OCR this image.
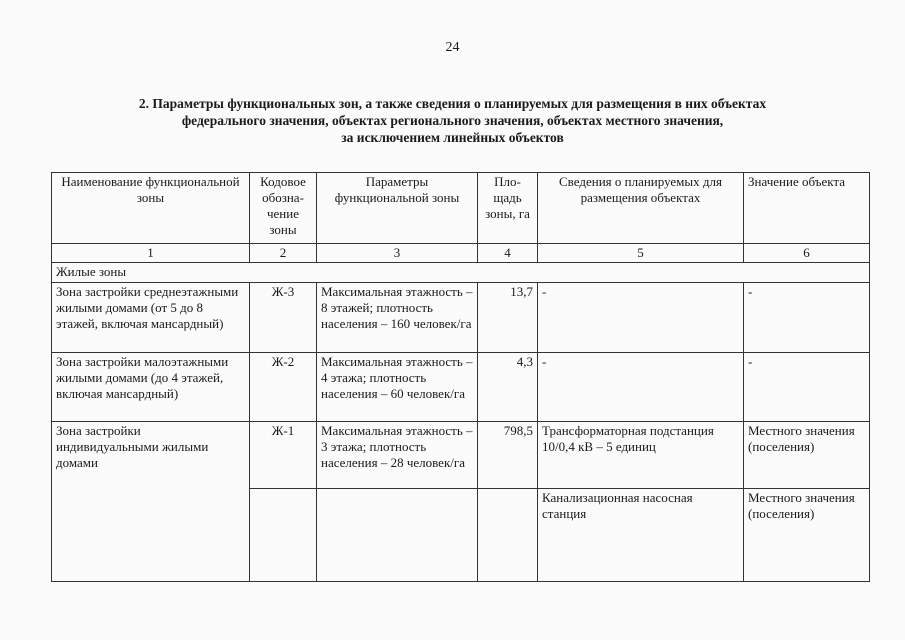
24
2. Параметры функциональных зон, а также сведения о планируемых для размещения в них объектах
федерального значения, объектах регионального значения, объектах местного значения,
за исключением линейных объектов
Наименование функциональной зоны	Кодовое обозна-чение зоны	Параметры функциональной зоны	Пло-щадь зоны, га	Сведения о планируемых для размещения объектах	Значение объекта
1	2	3	4	5	6
Жилые зоны					
Зона застройки среднеэтажными жилыми домами (от 5 до 8 этажей, включая мансардный)	Ж-3	Максимальная этажность – 8 этажей; плотность населения – 160 человек/га	13,7	-	-
Зона застройки малоэтажными жилыми домами (до 4 этажей, включая мансардный)	Ж-2	Максимальная этажность – 4 этажа; плотность населения – 60 человек/га	4,3	-	-
Зона застройки индивидуальными жилыми домами	Ж-1	Максимальная этажность – 3 этажа; плотность населения – 28 человек/га	798,5	Трансформаторная подстанция 10/0,4 кВ – 5 единиц	Местного значения (поселения)
				Канализационная насосная станция	Местного значения (поселения)
